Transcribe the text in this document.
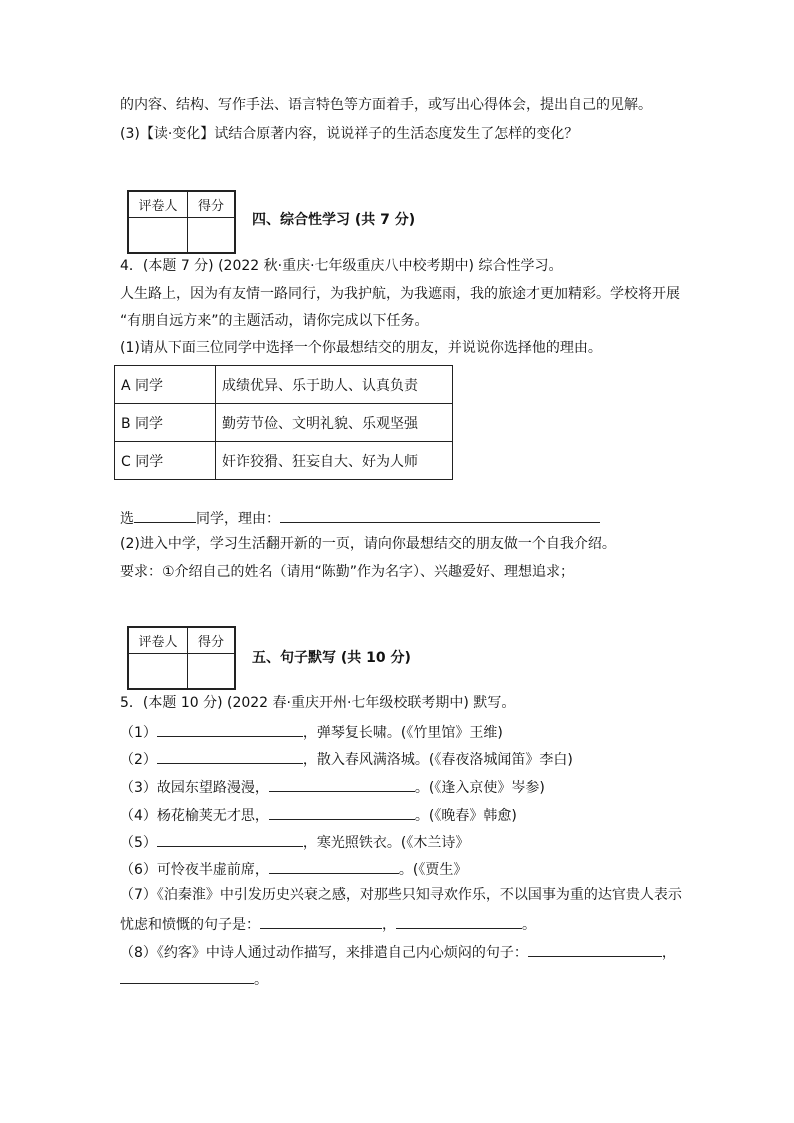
的内容、结构、写作手法、语言特色等方面着手，或写出心得体会，提出自己的见解。
(3)【读·变化】试结合原著内容，说说祥子的生活态度发生了怎样的变化？
评卷人	得分

四、综合性学习 (共 7 分)
4．(本题 7 分) (2022 秋·重庆·七年级重庆八中校考期中) 综合性学习。
人生路上，因为有友情一路同行，为我护航，为我遮雨，我的旅途才更加精彩。学校将开展
“有朋自远方来”的主题活动，请你完成以下任务。
(1)请从下面三位同学中选择一个你最想结交的朋友，并说说你选择他的理由。
A 同学	成绩优异、乐于助人、认真负责
B 同学	勤劳节俭、文明礼貌、乐观坚强
C 同学	奸诈狡猾、狂妄自大、好为人师
选	同学，理由：
(2)进入中学，学习生活翻开新的一页，请向你最想结交的朋友做一个自我介绍。
要求：①介绍自己的姓名（请用“陈勤”作为名字）、兴趣爱好、理想追求；
评卷人	得分

五、句子默写 (共 10 分)
5．(本题 10 分) (2022 春·重庆开州·七年级校联考期中) 默写。
（1）	，弹琴复长啸。(《竹里馆》王维)
（2）	，散入春风满洛城。(《春夜洛城闻笛》李白)
（3）故园东望路漫漫，	。(《逢入京使》岑参)
（4）杨花榆荚无才思，	。(《晚春》韩愈)
（5）	，寒光照铁衣。(《木兰诗》
（6）可怜夜半虚前席，	。(《贾生》
（7）《泊秦淮》中引发历史兴衰之感，对那些只知寻欢作乐，不以国事为重的达官贵人表示
忧虑和愤慨的句子是：	，	。
（8）《约客》中诗人通过动作描写，来排遣自己内心烦闷的句子：	，
。
